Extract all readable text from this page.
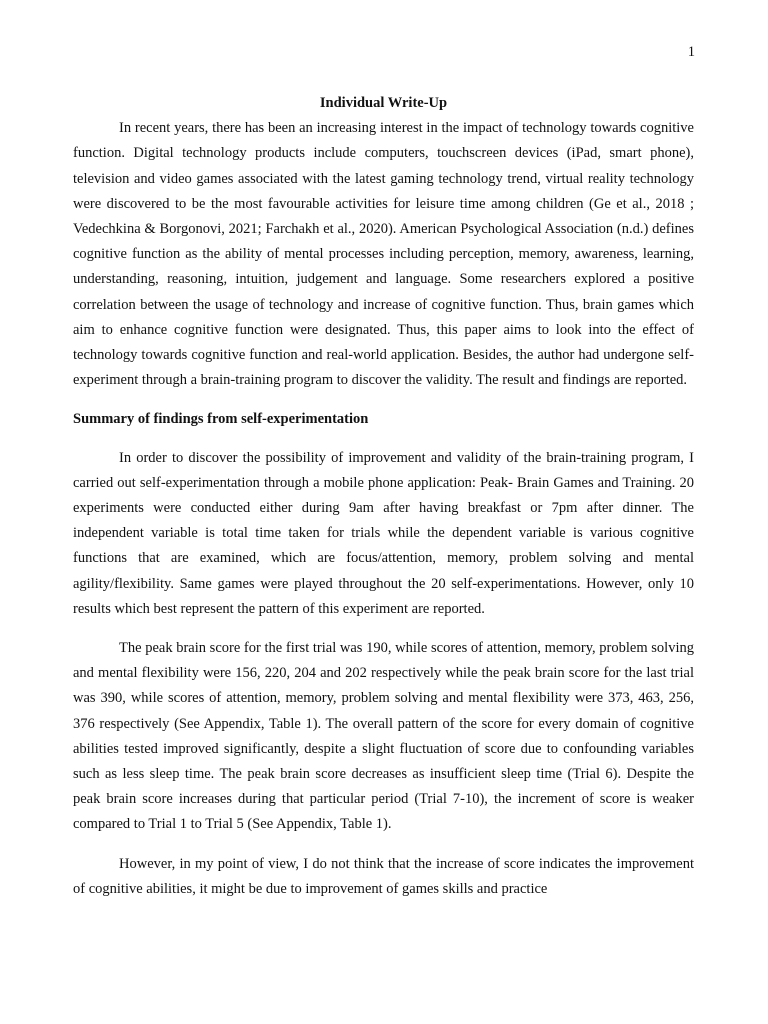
1
Individual Write-Up

In recent years, there has been an increasing interest in the impact of technology towards cognitive function. Digital technology products include computers, touchscreen devices (iPad, smart phone), television and video games associated with the latest gaming technology trend, virtual reality technology were discovered to be the most favourable activities for leisure time among children (Ge et al., 2018 ; Vedechkina & Borgonovi, 2021; Farchakh et al., 2020). American Psychological Association (n.d.) defines cognitive function as the ability of mental processes including perception, memory, awareness, learning, understanding, reasoning, intuition, judgement and language. Some researchers explored a positive correlation between the usage of technology and increase of cognitive function. Thus, brain games which aim to enhance cognitive function were designated. Thus, this paper aims to look into the effect of technology towards cognitive function and real-world application. Besides, the author had undergone self-experiment through a brain-training program to discover the validity. The result and findings are reported.

Summary of findings from self-experimentation

In order to discover the possibility of improvement and validity of the brain-training program, I carried out self-experimentation through a mobile phone application: Peak- Brain Games and Training. 20 experiments were conducted either during 9am after having breakfast or 7pm after dinner. The independent variable is total time taken for trials while the dependent variable is various cognitive functions that are examined, which are focus/attention, memory, problem solving and mental agility/flexibility. Same games were played throughout the 20 self-experimentations. However, only 10 results which best represent the pattern of this experiment are reported.

The peak brain score for the first trial was 190, while scores of attention, memory, problem solving and mental flexibility were 156, 220, 204 and 202 respectively while the peak brain score for the last trial was 390, while scores of attention, memory, problem solving and mental flexibility were 373, 463, 256, 376 respectively (See Appendix, Table 1). The overall pattern of the score for every domain of cognitive abilities tested improved significantly, despite a slight fluctuation of score due to confounding variables such as less sleep time. The peak brain score decreases as insufficient sleep time (Trial 6). Despite the peak brain score increases during that particular period (Trial 7-10), the increment of score is weaker compared to Trial 1 to Trial 5 (See Appendix, Table 1).

However, in my point of view, I do not think that the increase of score indicates the improvement of cognitive abilities, it might be due to improvement of games skills and practice
